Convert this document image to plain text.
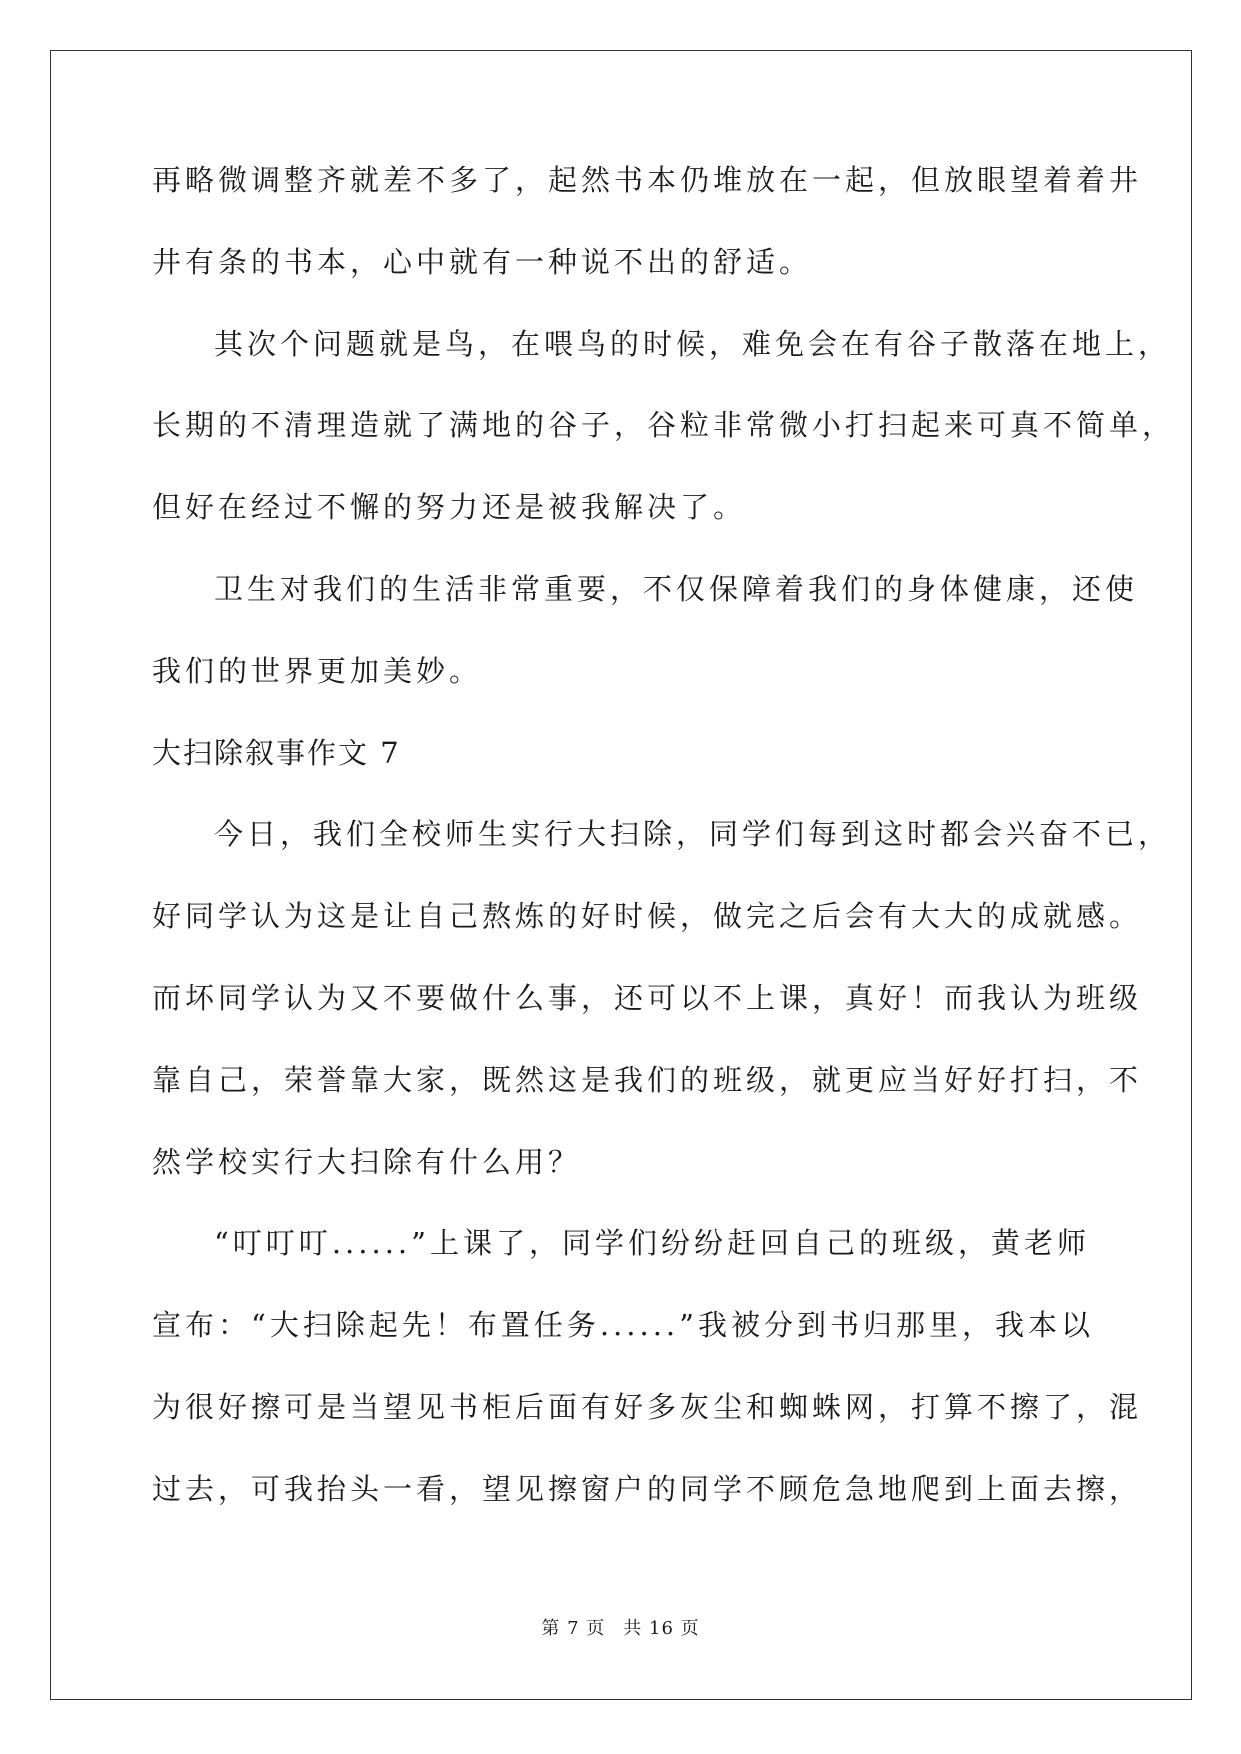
再略微调整齐就差不多了，起然书本仍堆放在一起，但放眼望着着井
井有条的书本，心中就有一种说不出的舒适。
其次个问题就是鸟，在喂鸟的时候，难免会在有谷子散落在地上，
长期的不清理造就了满地的谷子，谷粒非常微小打扫起来可真不简单，
但好在经过不懈的努力还是被我解决了。
卫生对我们的生活非常重要，不仅保障着我们的身体健康，还使
我们的世界更加美妙。
大扫除叙事作文 7
今日，我们全校师生实行大扫除，同学们每到这时都会兴奋不已，
好同学认为这是让自己熬炼的好时候，做完之后会有大大的成就感。
而坏同学认为又不要做什么事，还可以不上课，真好！而我认为班级
靠自己，荣誉靠大家，既然这是我们的班级，就更应当好好打扫，不
然学校实行大扫除有什么用？
“叮叮叮......”上课了，同学们纷纷赶回自己的班级，黄老师
宣布：“大扫除起先！布置任务......”我被分到书归那里，我本以
为很好擦可是当望见书柜后面有好多灰尘和蜘蛛网，打算不擦了，混
过去，可我抬头一看，望见擦窗户的同学不顾危急地爬到上面去擦，
第 7 页 共 16 页
